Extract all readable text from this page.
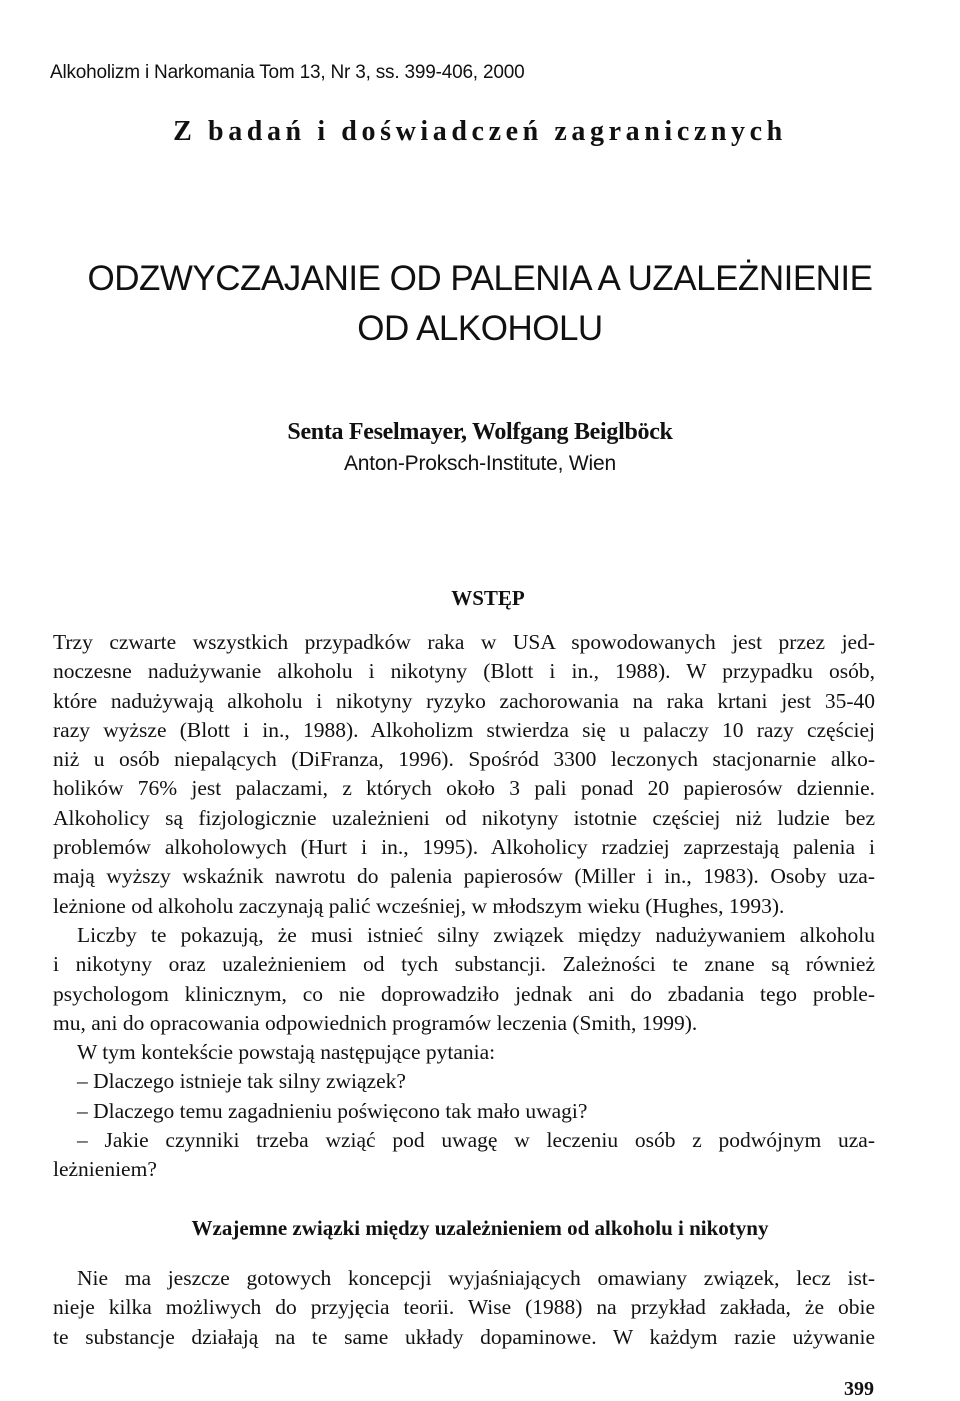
Alkoholizm i Narkomania Tom 13, Nr 3, ss. 399-406, 2000
Z badań i doświadczeń zagranicznych
ODZWYCZAJANIE OD PALENIA A UZALEŻNIENIE
OD ALKOHOLU
Senta Feselmayer, Wolfgang Beiglböck
Anton-Proksch-Institute, Wien
WSTĘP
Trzy czwarte wszystkich przypadków raka w USA spowodowanych jest przez jed-
noczesne nadużywanie alkoholu i nikotyny (Blott i in., 1988). W przypadku osób,
które nadużywają alkoholu i nikotyny ryzyko zachorowania na raka krtani jest 35-40
razy wyższe (Blott i in., 1988). Alkoholizm stwierdza się u palaczy 10 razy częściej
niż u osób niepalących (DiFranza, 1996). Spośród 3300 leczonych stacjonarnie alko-
holików 76% jest palaczami, z których około 3 pali ponad 20 papierosów dziennie.
Alkoholicy są fizjologicznie uzależnieni od nikotyny istotnie częściej niż ludzie bez
problemów alkoholowych (Hurt i in., 1995). Alkoholicy rzadziej zaprzestają palenia i
mają wyższy wskaźnik nawrotu do palenia papierosów (Miller i in., 1983). Osoby uza-
leżnione od alkoholu zaczynają palić wcześniej, w młodszym wieku (Hughes, 1993).
Liczby te pokazują, że musi istnieć silny związek między nadużywaniem alkoholu
i nikotyny oraz uzależnieniem od tych substancji. Zależności te znane są również
psychologom klinicznym, co nie doprowadziło jednak ani do zbadania tego proble-
mu, ani do opracowania odpowiednich programów leczenia (Smith, 1999).
W tym kontekście powstają następujące pytania:
– Dlaczego istnieje tak silny związek?
– Dlaczego temu zagadnieniu poświęcono tak mało uwagi?
– Jakie czynniki trzeba wziąć pod uwagę w leczeniu osób z podwójnym uza-
leżnieniem?
Wzajemne związki między uzależnieniem od alkoholu i nikotyny
Nie ma jeszcze gotowych koncepcji wyjaśniających omawiany związek, lecz ist-
nieje kilka możliwych do przyjęcia teorii. Wise (1988) na przykład zakłada, że obie
te substancje działają na te same układy dopaminowe. W każdym razie używanie
399
